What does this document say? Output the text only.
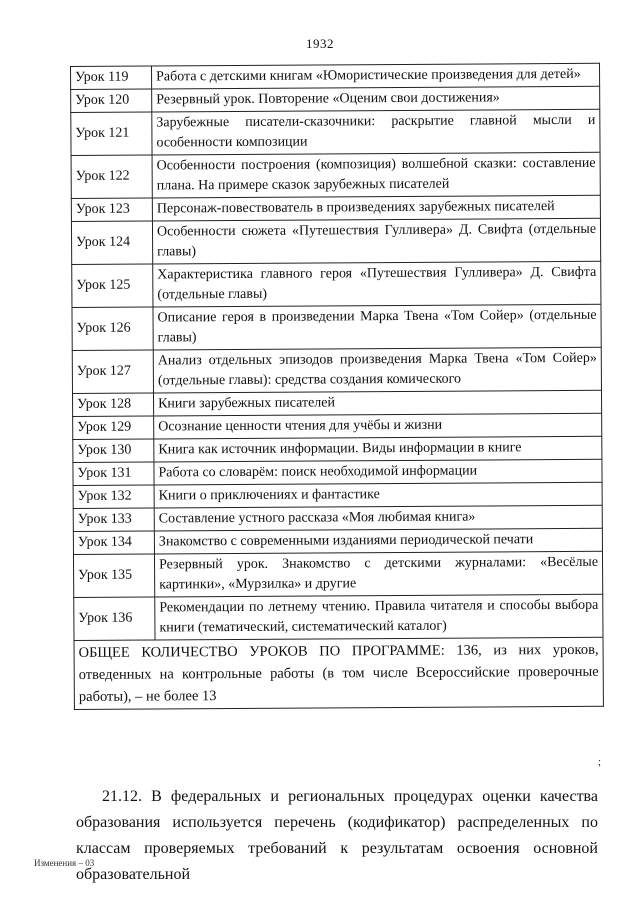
1932
Урок 119	Работа с детскими книгам «Юмористические произведения для детей»
Урок 120	Резервный урок. Повторение «Оценим свои достижения»
Урок 121	Зарубежные писатели-сказочники: раскрытие главной мысли и особенности композиции
Урок 122	Особенности построения (композиция) волшебной сказки: составление плана. На примере сказок зарубежных писателей
Урок 123	Персонаж-повествователь в произведениях зарубежных писателей
Урок 124	Особенности сюжета «Путешествия Гулливера» Д. Свифта (отдельные главы)
Урок 125	Характеристика главного героя «Путешествия Гулливера» Д. Свифта (отдельные главы)
Урок 126	Описание героя в произведении Марка Твена «Том Сойер» (отдельные главы)
Урок 127	Анализ отдельных эпизодов произведения Марка Твена «Том Сойер» (отдельные главы): средства создания комического
Урок 128	Книги зарубежных писателей
Урок 129	Осознание ценности чтения для учёбы и жизни
Урок 130	Книга как источник информации. Виды информации в книге
Урок 131	Работа со словарём: поиск необходимой информации
Урок 132	Книги о приключениях и фантастике
Урок 133	Составление устного рассказа «Моя любимая книга»
Урок 134	Знакомство с современными изданиями периодической печати
Урок 135	Резервный урок. Знакомство с детскими журналами: «Весёлые картинки», «Мурзилка» и другие
Урок 136	Рекомендации по летнему чтению. Правила читателя и способы выбора книги (тематический, систематический каталог)
ОБЩЕЕ КОЛИЧЕСТВО УРОКОВ ПО ПРОГРАММЕ: 136, из них уроков, отведенных на контрольные работы (в том числе Всероссийские проверочные работы), – не более 13	
;

21.12. В федеральных и региональных процедурах оценки качества образования используется перечень (кодификатор) распределенных по классам проверяемых требований к результатам освоения основной образовательной

Изменения – 03
